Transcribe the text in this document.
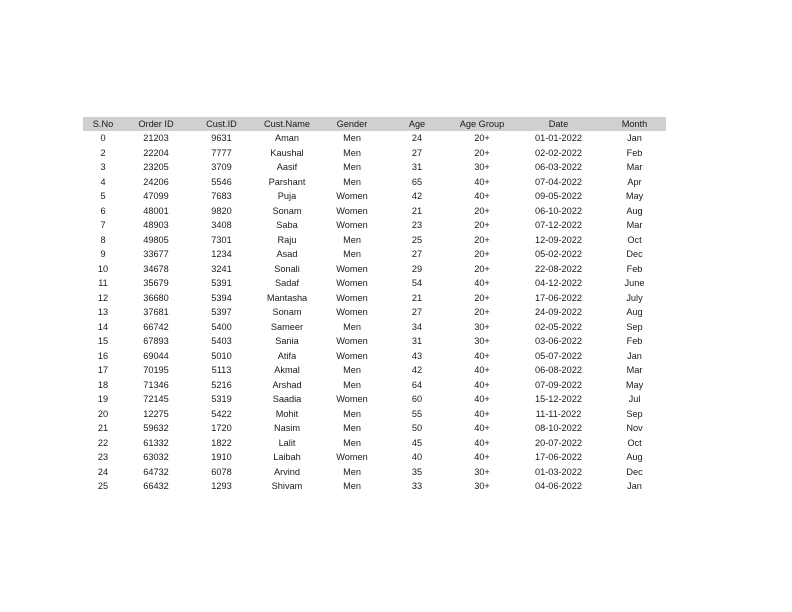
S.No	Order ID	Cust.ID	Cust.Name	Gender	Age	Age Group	Date	Month
0	21203	9631	Aman	Men	24	20+	01-01-2022	Jan
2	22204	7777	Kaushal	Men	27	20+	02-02-2022	Feb
3	23205	3709	Aasif	Men	31	30+	06-03-2022	Mar
4	24206	5546	Parshant	Men	65	40+	07-04-2022	Apr
5	47099	7683	Puja	Women	42	40+	09-05-2022	May
6	48001	9820	Sonam	Women	21	20+	06-10-2022	Aug
7	48903	3408	Saba	Women	23	20+	07-12-2022	Mar
8	49805	7301	Raju	Men	25	20+	12-09-2022	Oct
9	33677	1234	Asad	Men	27	20+	05-02-2022	Dec
10	34678	3241	Sonali	Women	29	20+	22-08-2022	Feb
11	35679	5391	Sadaf	Women	54	40+	04-12-2022	June
12	36680	5394	Mantasha	Women	21	20+	17-06-2022	July
13	37681	5397	Sonam	Women	27	20+	24-09-2022	Aug
14	66742	5400	Sameer	Men	34	30+	02-05-2022	Sep
15	67893	5403	Sania	Women	31	30+	03-06-2022	Feb
16	69044	5010	Atifa	Women	43	40+	05-07-2022	Jan
17	70195	5113	Akmal	Men	42	40+	06-08-2022	Mar
18	71346	5216	Arshad	Men	64	40+	07-09-2022	May
19	72145	5319	Saadia	Women	60	40+	15-12-2022	Jul
20	12275	5422	Mohit	Men	55	40+	11-11-2022	Sep
21	59632	1720	Nasim	Men	50	40+	08-10-2022	Nov
22	61332	1822	Lalit	Men	45	40+	20-07-2022	Oct
23	63032	1910	Laibah	Women	40	40+	17-06-2022	Aug
24	64732	6078	Arvind	Men	35	30+	01-03-2022	Dec
25	66432	1293	Shivam	Men	33	30+	04-06-2022	Jan
